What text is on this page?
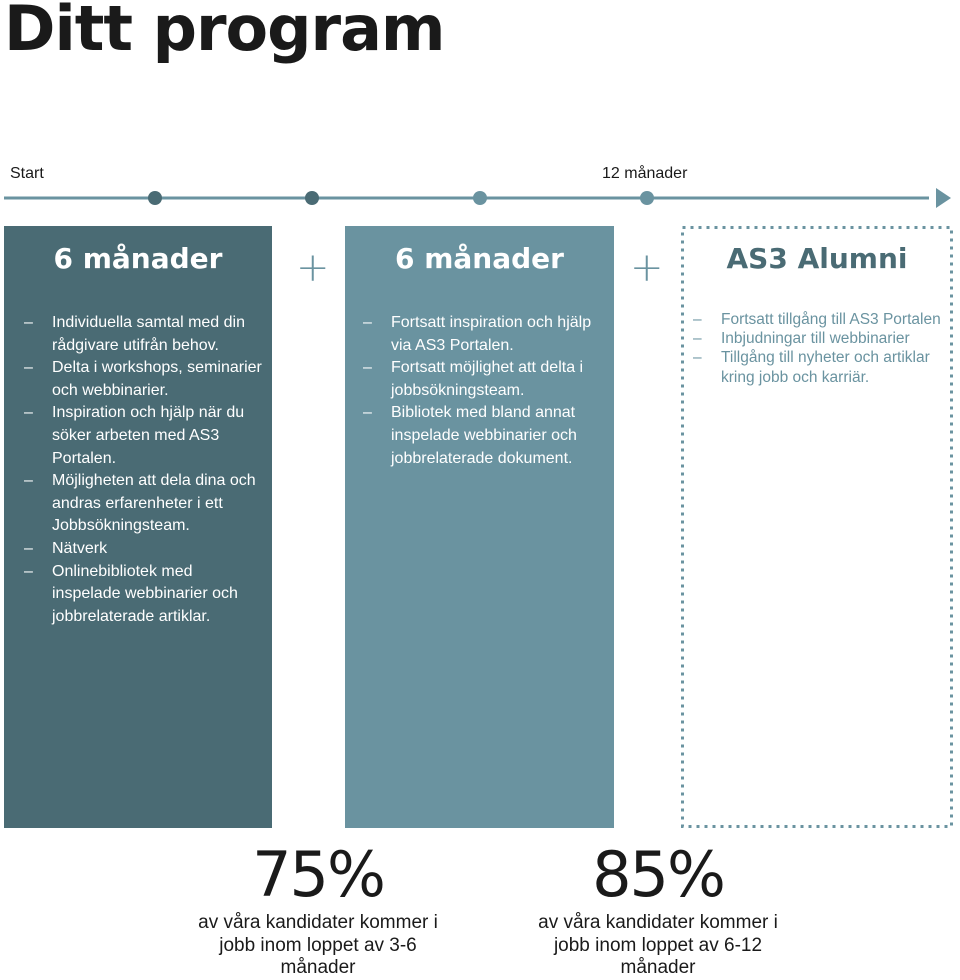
Ditt program
Start	12 månader
6 månader
– Individuella samtal med din rådgivare utifrån behov.
– Delta i workshops, seminarier och webbinarier.
– Inspiration och hjälp när du söker arbeten med AS3 Portalen.
– Möjligheten att dela dina och andras erfarenheter i ett Jobbsökningsteam.
– Nätverk
– Onlinebibliotek med inspelade webbinarier och jobbrelaterade artiklar.
+	6 månader
– Fortsatt inspiration och hjälp via AS3 Portalen.
– Fortsatt möjlighet att delta i jobbsökningsteam.
– Bibliotek med bland annat inspelade webbinarier och jobbrelaterade dokument.
+	AS3 Alumni
– Fortsatt tillgång till AS3 Portalen
– Inbjudningar till webbinarier
– Tillgång till nyheter och artiklar kring jobb och karriär.
75%
av våra kandidater kommer i jobb inom loppet av 3-6 månader
85%
av våra kandidater kommer i jobb inom loppet av 6-12 månader
